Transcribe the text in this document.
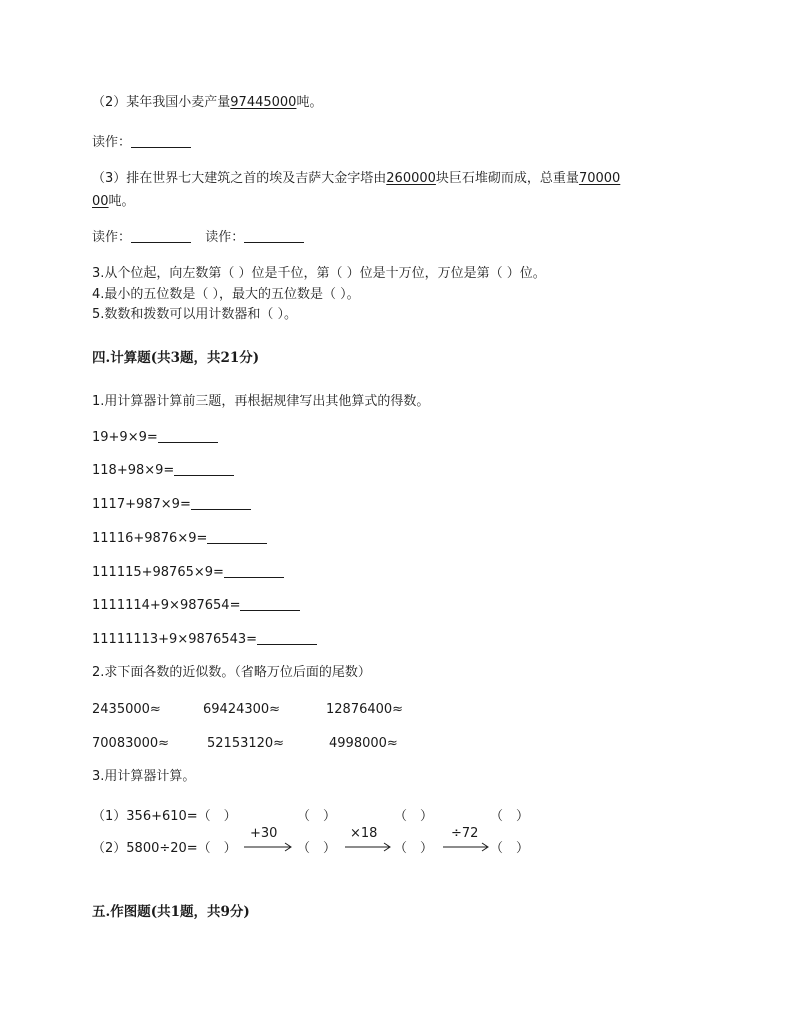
（2）某年我国小麦产量97445000吨。
读作：
（3）排在世界七大建筑之首的埃及吉萨大金字塔由260000块巨石堆砌而成，总重量70000
00吨。
读作：	读作：
3.从个位起，向左数第（ ）位是千位，第（ ）位是十万位，万位是第（ ）位。
4.最小的五位数是（ ），最大的五位数是（ ）。
5.数数和拨数可以用计数器和（ ）。
四.计算题(共3题，共21分)
1.用计算器计算前三题，再根据规律写出其他算式的得数。
19+9×9=
118+98×9=
1117+987×9=
11116+9876×9=
111115+98765×9=
1111114+9×987654=
11111113+9×9876543=
2.求下面各数的近似数。（省略万位后面的尾数）
2435000≈	69424300≈	12876400≈
70083000≈	52153120≈	4998000≈
3.用计算器计算。
（1）356+610=（　）	（　）	（　）	（　）
（2）5800÷20=（　）	（　）	（　）	（　）
+30	×18	÷72
五.作图题(共1题，共9分)
